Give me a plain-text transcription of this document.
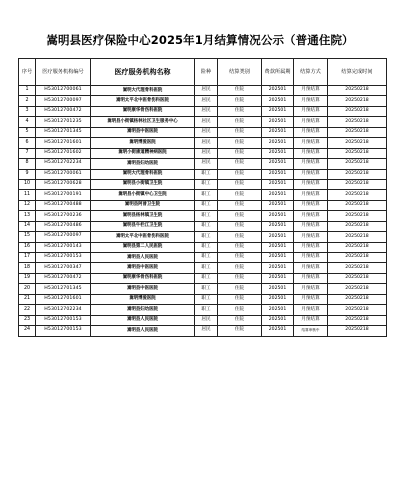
嵩明县医疗保险中心2025年1月结算情况公示（普通住院）
序号	医疗服务机构编号	医疗服务机构名称	险种	结算类别	费款所属期	结算方式	结算完成时间
1	H53012700061	嵩明大代理骨科医院	居民	住院	202501	月预结算	20250218
2	H53012700097	嵩明太平北中医骨伤科医院	居民	住院	202501	月预结算	20250218
3	H53012700472	嵩明康华骨伤科医院	居民	住院	202501	月预结算	20250218
4	H53012701235	嵩明县小街镇杨林社区卫生服务中心	居民	住院	202501	月预结算	20250218
5	H53012701345	嵩明县中医医院	居民	住院	202501	月预结算	20250218
6	H53012701601	嵩明博爱医院	居民	住院	202501	月预结算	20250218
7	H53012701602	嵩明小街康道精神病医院	居民	住院	202501	月预结算	20250218
8	H53012702234	嵩明县妇幼医院	居民	住院	202501	月预结算	20250218
9	H53012700061	嵩明大代理骨科医院	职工	住院	202501	月预结算	20250218
10	H53012700628	嵩明县小街镇卫生院	职工	住院	202501	月预结算	20250218
11	H53012700191	嵩明县小街镇中心卫生院	职工	住院	202501	月预结算	20250218
12	H53012700488	嵩明县阿普卫生院	职工	住院	202501	月预结算	20250218
13	H53012700236	嵩明县杨林镇卫生院	职工	住院	202501	月预结算	20250218
14	H53012700486	嵩明县牛栏江卫生院	职工	住院	202501	月预结算	20250218
15	H53012700097	嵩明太平北中医骨伤科医院	职工	住院	202501	月预结算	20250218
16	H53012700143	嵩明县第二人民医院	职工	住院	202501	月预结算	20250218
17	H53012700153	嵩明县人民医院	职工	住院	202501	月预结算	20250218
18	H53012700347	嵩明县中医医院	职工	住院	202501	月预结算	20250218
19	H53012700472	嵩明康华骨伤科医院	职工	住院	202501	月预结算	20250218
20	H53012701345	嵩明县中医医院	职工	住院	202501	月预结算	20250218
21	H53012701601	嵩明博爱医院	职工	住院	202501	月预结算	20250218
22	H53012702234	嵩明县妇幼医院	职工	住院	202501	月预结算	20250218
23	H53012700153	嵩明县人民医院	居民	住院	202501	月预结算	20250218
24	H53012700153	嵩明县人民医院	居民	住院	202501	结算审核中	20250218
